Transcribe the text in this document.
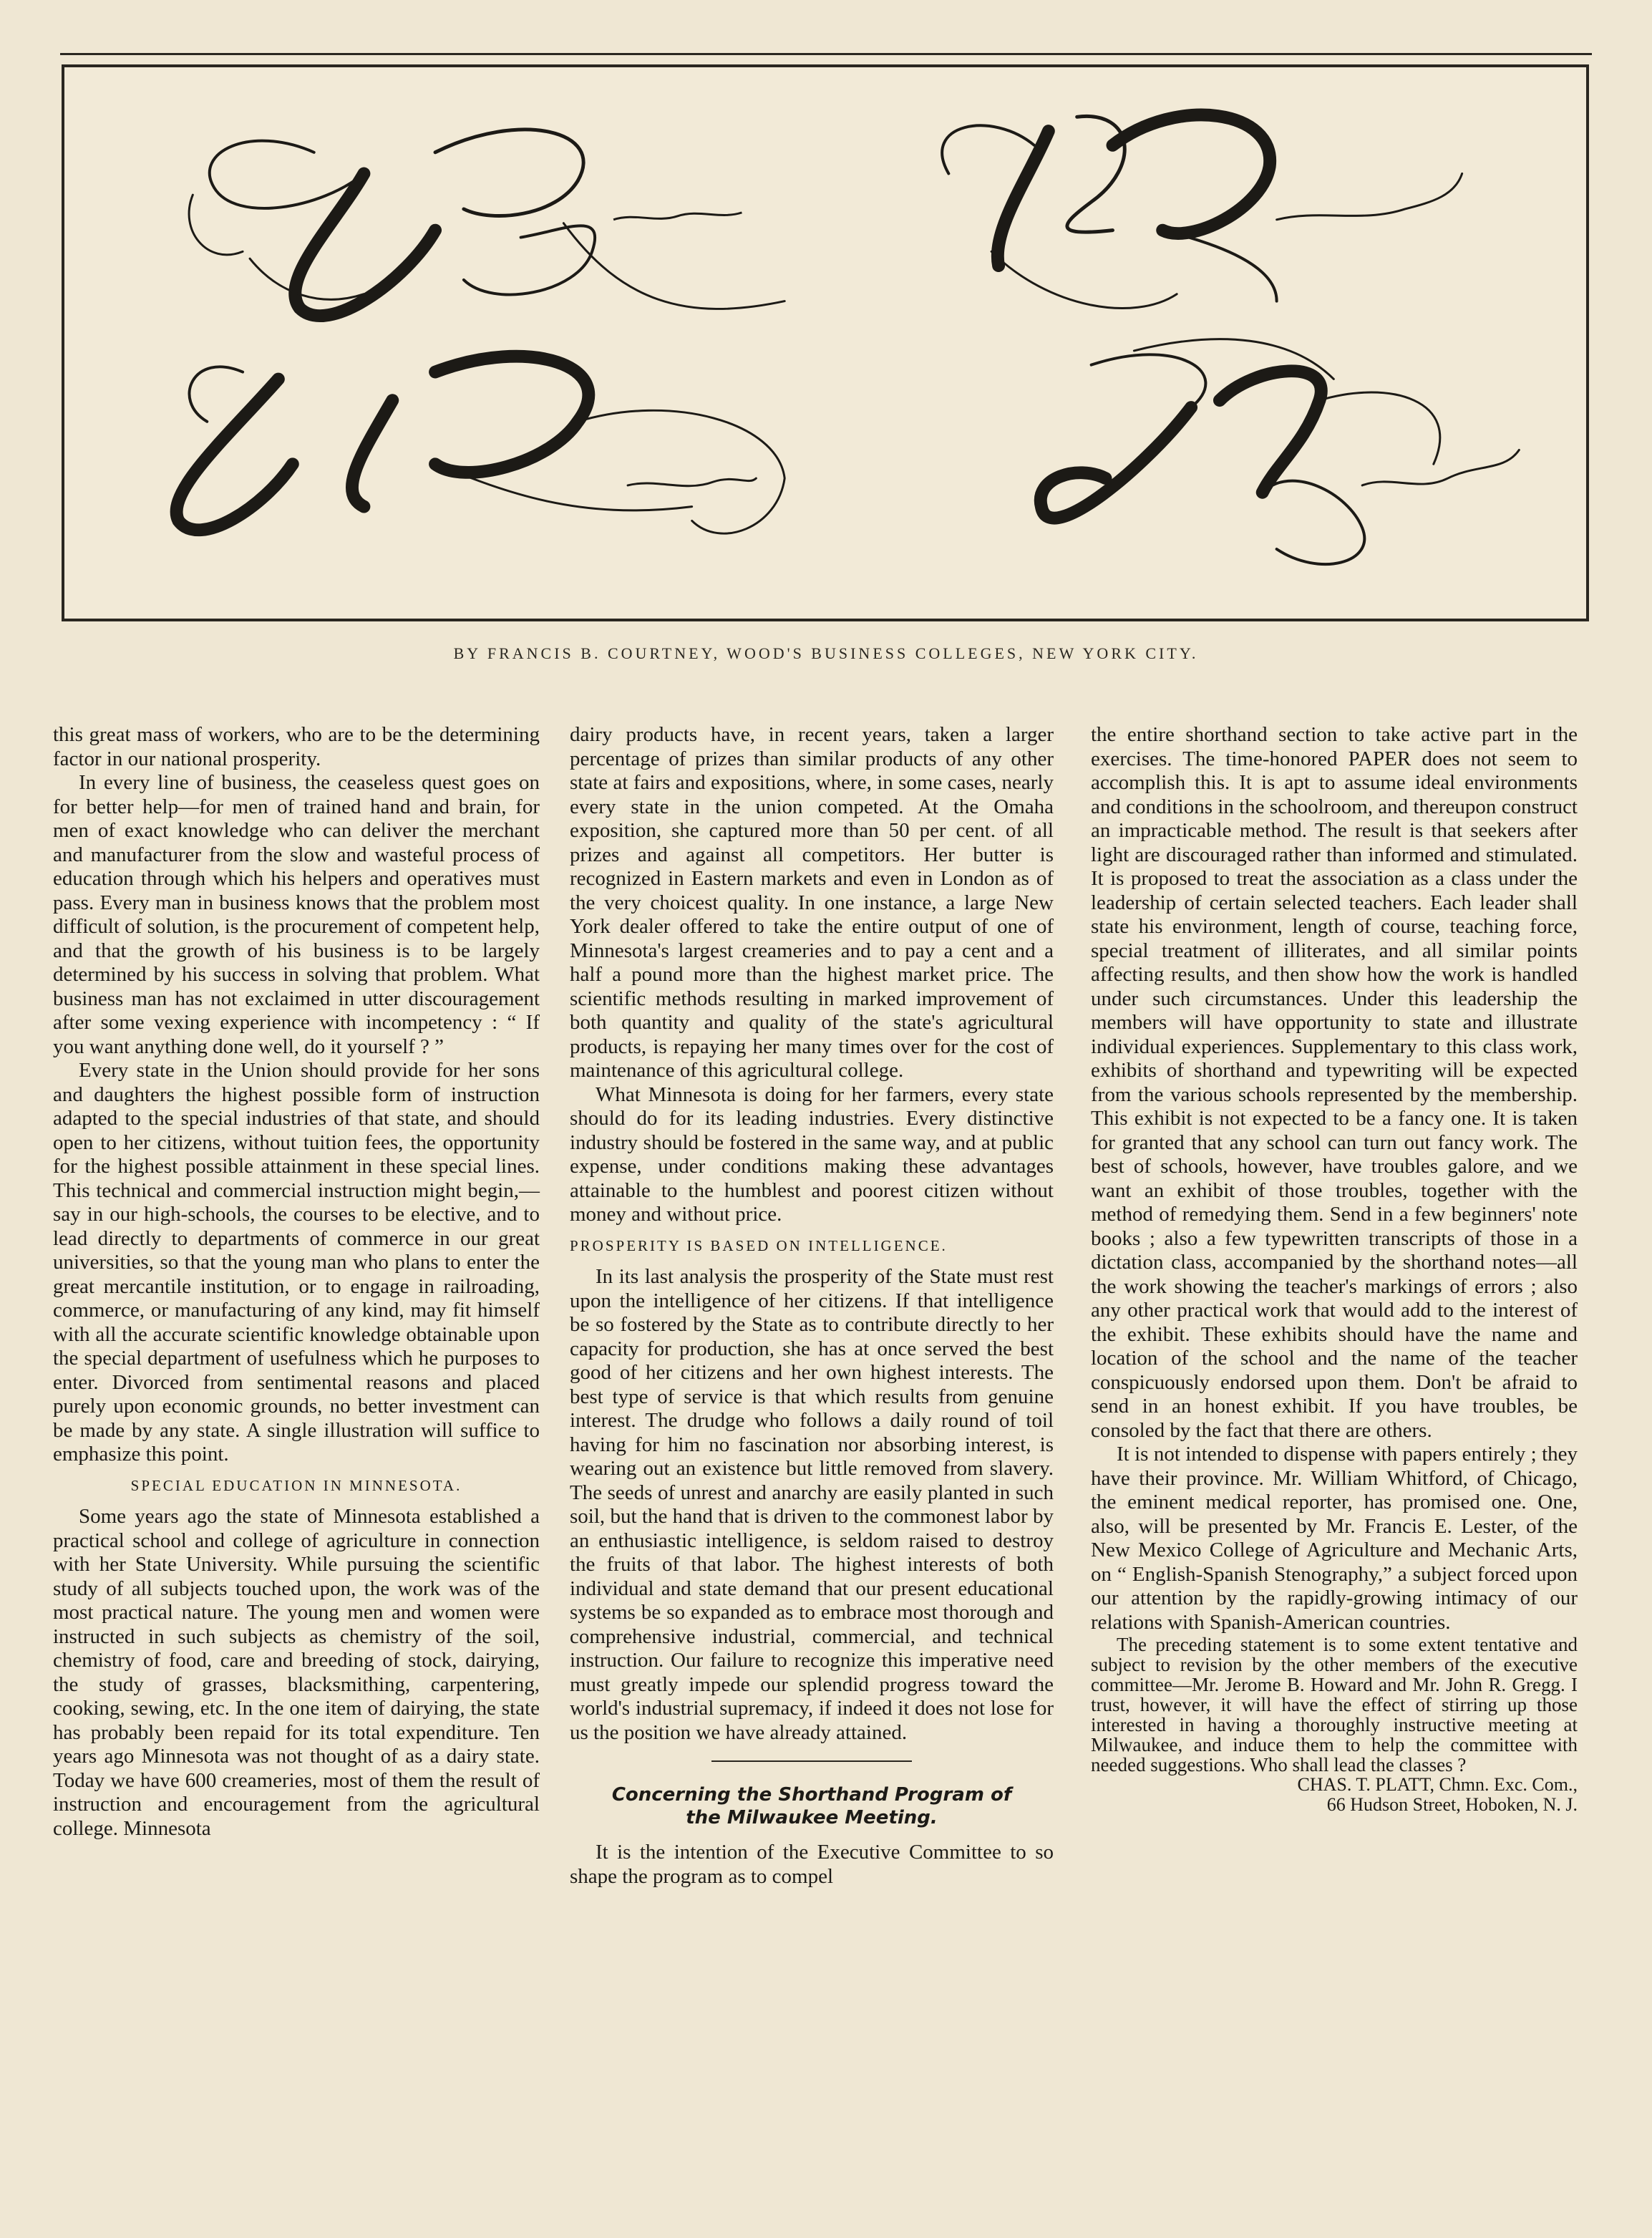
BY FRANCIS B. COURTNEY, WOOD'S BUSINESS COLLEGES, NEW YORK CITY.

this great mass of workers, who are to be the determining factor in our national prosperity.

In every line of business, the ceaseless quest goes on for better help—for men of trained hand and brain, for men of exact knowledge who can deliver the merchant and manufacturer from the slow and wasteful process of education through which his helpers and operatives must pass. Every man in business knows that the problem most difficult of solution, is the procurement of competent help, and that the growth of his business is to be largely determined by his success in solving that problem. What business man has not exclaimed in utter discouragement after some vexing experience with incompetency : “ If you want anything done well, do it yourself ? ”

Every state in the Union should provide for her sons and daughters the highest possible form of instruction adapted to the special industries of that state, and should open to her citizens, without tuition fees, the opportunity for the highest possible attainment in these special lines. This technical and commercial instruction might begin,—say in our high-schools, the courses to be elective, and to lead directly to departments of commerce in our great universities, so that the young man who plans to enter the great mercantile institution, or to engage in railroading, commerce, or manufacturing of any kind, may fit himself with all the accurate scientific knowledge obtainable upon the special department of usefulness which he purposes to enter. Divorced from sentimental reasons and placed purely upon economic grounds, no better investment can be made by any state. A single illustration will suffice to emphasize this point.

SPECIAL EDUCATION IN MINNESOTA.

Some years ago the state of Minnesota established a practical school and college of agriculture in connection with her State University. While pursuing the scientific study of all subjects touched upon, the work was of the most practical nature. The young men and women were instructed in such subjects as chemistry of the soil, chemistry of food, care and breeding of stock, dairying, the study of grasses, blacksmithing, carpentering, cooking, sewing, etc. In the one item of dairying, the state has probably been repaid for its total expenditure. Ten years ago Minnesota was not thought of as a dairy state. Today we have 600 creameries, most of them the result of instruction and encouragement from the agricultural college. Minnesota

dairy products have, in recent years, taken a larger percentage of prizes than similar products of any other state at fairs and expositions, where, in some cases, nearly every state in the union competed. At the Omaha exposition, she captured more than 50 per cent. of all prizes and against all competitors. Her butter is recognized in Eastern markets and even in London as of the very choicest quality. In one instance, a large New York dealer offered to take the entire output of one of Minnesota's largest creameries and to pay a cent and a half a pound more than the highest market price. The scientific methods resulting in marked improvement of both quantity and quality of the state's agricultural products, is repaying her many times over for the cost of maintenance of this agricultural college.

What Minnesota is doing for her farmers, every state should do for its leading industries. Every distinctive industry should be fostered in the same way, and at public expense, under conditions making these advantages attainable to the humblest and poorest citizen without money and without price.

PROSPERITY IS BASED ON INTELLIGENCE.

In its last analysis the prosperity of the State must rest upon the intelligence of her citizens. If that intelligence be so fostered by the State as to contribute directly to her capacity for production, she has at once served the best good of her citizens and her own highest interests. The best type of service is that which results from genuine interest. The drudge who follows a daily round of toil having for him no fascination nor absorbing interest, is wearing out an existence but little removed from slavery. The seeds of unrest and anarchy are easily planted in such soil, but the hand that is driven to the commonest labor by an enthusiastic intelligence, is seldom raised to destroy the fruits of that labor. The highest interests of both individual and state demand that our present educational systems be so expanded as to embrace most thorough and comprehensive industrial, commercial, and technical instruction. Our failure to recognize this imperative need must greatly impede our splendid progress toward the world's industrial supremacy, if indeed it does not lose for us the position we have already attained.

Concerning the Shorthand Program of
the Milwaukee Meeting.

It is the intention of the Executive Committee to so shape the program as to compel

the entire shorthand section to take active part in the exercises. The time-honored PAPER does not seem to accomplish this. It is apt to assume ideal environments and conditions in the schoolroom, and thereupon construct an impracticable method. The result is that seekers after light are discouraged rather than informed and stimulated. It is proposed to treat the association as a class under the leadership of certain selected teachers. Each leader shall state his environment, length of course, teaching force, special treatment of illiterates, and all similar points affecting results, and then show how the work is handled under such circumstances. Under this leadership the members will have opportunity to state and illustrate individual experiences. Supplementary to this class work, exhibits of shorthand and typewriting will be expected from the various schools represented by the membership. This exhibit is not expected to be a fancy one. It is taken for granted that any school can turn out fancy work. The best of schools, however, have troubles galore, and we want an exhibit of those troubles, together with the method of remedying them. Send in a few beginners' note books ; also a few typewritten transcripts of those in a dictation class, accompanied by the shorthand notes—all the work showing the teacher's markings of errors ; also any other practical work that would add to the interest of the exhibit. These exhibits should have the name and location of the school and the name of the teacher conspicuously endorsed upon them. Don't be afraid to send in an honest exhibit. If you have troubles, be consoled by the fact that there are others.

It is not intended to dispense with papers entirely ; they have their province. Mr. William Whitford, of Chicago, the eminent medical reporter, has promised one. One, also, will be presented by Mr. Francis E. Lester, of the New Mexico College of Agriculture and Mechanic Arts, on “ English-Spanish Stenography,” a subject forced upon our attention by the rapidly-growing intimacy of our relations with Spanish-American countries.

The preceding statement is to some extent tentative and subject to revision by the other members of the executive committee—Mr. Jerome B. Howard and Mr. John R. Gregg. I trust, however, it will have the effect of stirring up those interested in having a thoroughly instructive meeting at Milwaukee, and induce them to help the committee with needed suggestions. Who shall lead the classes ?

CHAS. T. PLATT, Chmn. Exc. Com.,

66 Hudson Street, Hoboken, N. J.
